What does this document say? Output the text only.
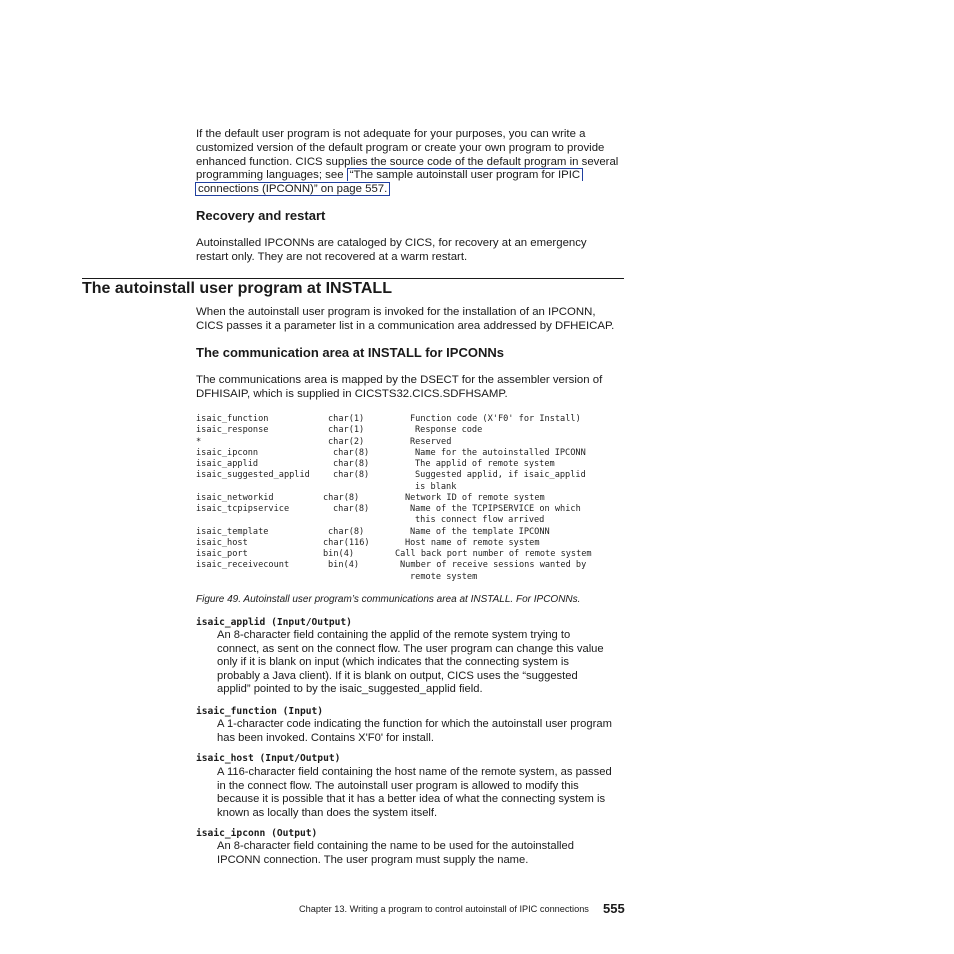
If the default user program is not adequate for your purposes, you can write a
customized version of the default program or create your own program to provide
enhanced function. CICS supplies the source code of the default program in several
programming languages; see “The sample autoinstall user program for IPIC
connections (IPCONN)” on page 557.
Recovery and restart
Autoinstalled IPCONNs are cataloged by CICS, for recovery at an emergency
restart only. They are not recovered at a warm restart.
The autoinstall user program at INSTALL
When the autoinstall user program is invoked for the installation of an IPCONN,
CICS passes it a parameter list in a communication area addressed by DFHEICAP.
The communication area at INSTALL for IPCONNs
The communications area is mapped by the DSECT for the assembler version of
DFHISAIP, which is supplied in CICSTS32.CICS.SDFHSAMP.
isaic_function	char(1)	Function code (X'F0' for Install)
isaic_response	char(1)	Response code
*	char(2)	Reserved
isaic_ipconn	char(8)	Name for the autoinstalled IPCONN
isaic_applid	char(8)	The applid of remote system
isaic_suggested_applid	char(8)	Suggested applid, if isaic_applid
is blank
isaic_networkid	char(8)	Network ID of remote system
isaic_tcpipservice	char(8)	Name of the TCPIPSERVICE on which
this connect flow arrived
isaic_template	char(8)	Name of the template IPCONN
isaic_host	char(116)	Host name of remote system
isaic_port	bin(4)	Call back port number of remote system
isaic_receivecount	bin(4)	Number of receive sessions wanted by
remote system
Figure 49. Autoinstall user program’s communications area at INSTALL. For IPCONNs.
isaic_applid (Input/Output)
An 8-character field containing the applid of the remote system trying to
connect, as sent on the connect flow. The user program can change this value
only if it is blank on input (which indicates that the connecting system is
probably a Java client). If it is blank on output, CICS uses the “suggested
applid” pointed to by the isaic_suggested_applid field.
isaic_function (Input)
A 1-character code indicating the function for which the autoinstall user program
has been invoked. Contains X'F0' for install.
isaic_host (Input/Output)
A 116-character field containing the host name of the remote system, as passed
in the connect flow. The autoinstall user program is allowed to modify this
because it is possible that it has a better idea of what the connecting system is
known as locally than does the system itself.
isaic_ipconn (Output)
An 8-character field containing the name to be used for the autoinstalled
IPCONN connection. The user program must supply the name.
Chapter 13. Writing a program to control autoinstall of IPIC connections 555
